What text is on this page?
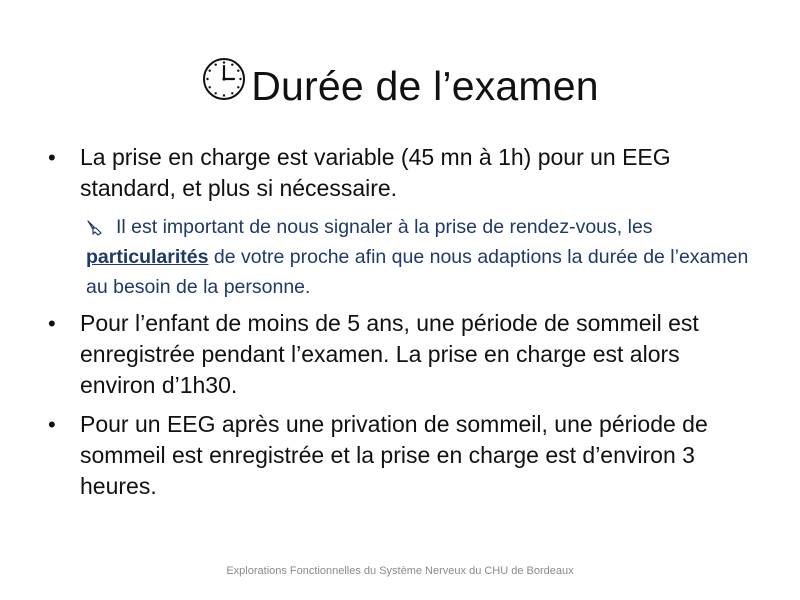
Durée de l’examen
• La prise en charge est variable (45 mn à 1h) pour un EEG standard, et plus si nécessaire.
Il est important de nous signaler à la prise de rendez-vous, les particularités de votre proche afin que nous adaptions la durée de l’examen au besoin de la personne.
• Pour l’enfant de moins de 5 ans, une période de sommeil est enregistrée pendant l’examen. La prise en charge est alors environ d’1h30.
• Pour un EEG après une privation de sommeil, une période de sommeil est enregistrée et la prise en charge est d’environ 3 heures.
Explorations Fonctionnelles du Système Nerveux du CHU de Bordeaux
